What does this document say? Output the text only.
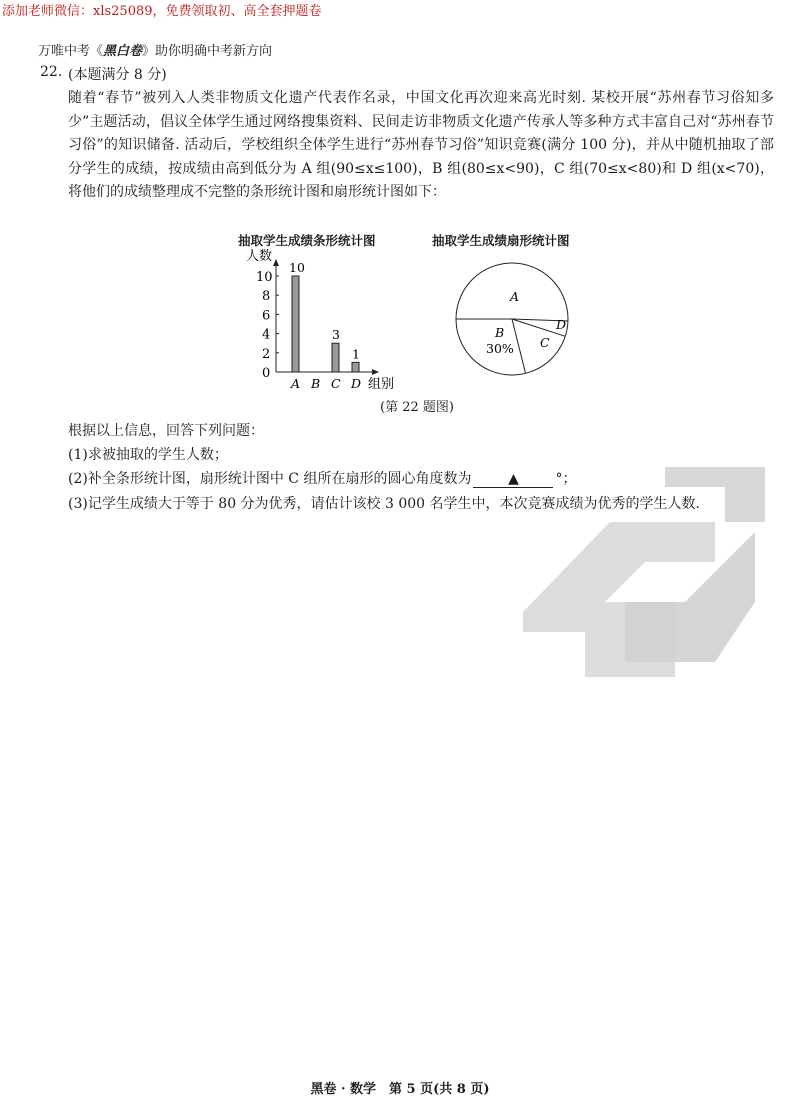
添加老师微信：xls25089，免费领取初、高全套押题卷
万唯中考《黑白卷》助你明确中考新方向
22. (本题满分 8 分)
随着“春节”被列入人类非物质文化遗产代表作名录，中国文化再次迎来高光时刻. 某校开展“苏州春节习俗知多少”主题活动，倡议全体学生通过网络搜集资料、民间走访非物质文化遗产传承人等多种方式丰富自己对“苏州春节习俗”的知识储备. 活动后，学校组织全体学生进行“苏州春节习俗”知识竞赛(满分 100 分)，并从中随机抽取了部分学生的成绩，按成绩由高到低分为 A 组(90≤x≤100)，B 组(80≤x<90)，C 组(70≤x<80)和 D 组(x<70)，将他们的成绩整理成不完整的条形统计图和扇形统计图如下：
抽取学生成绩条形统计图	抽取学生成绩扇形统计图
0
2
4
6
8
10
人数
组别
A
10
B C
3
D
1
A
B
30% C
D
(第 22 题图)
根据以上信息，回答下列问题：
(1)求被抽取的学生人数；
(2)补全条形统计图，扇形统计图中 C 组所在扇形的圆心角度数为	▲	°；
(3)记学生成绩大于等于 80 分为优秀，请估计该校 3 000 名学生中，本次竞赛成绩为优秀的学生人数.
黑卷 · 数学　第 5 页(共 8 页)
